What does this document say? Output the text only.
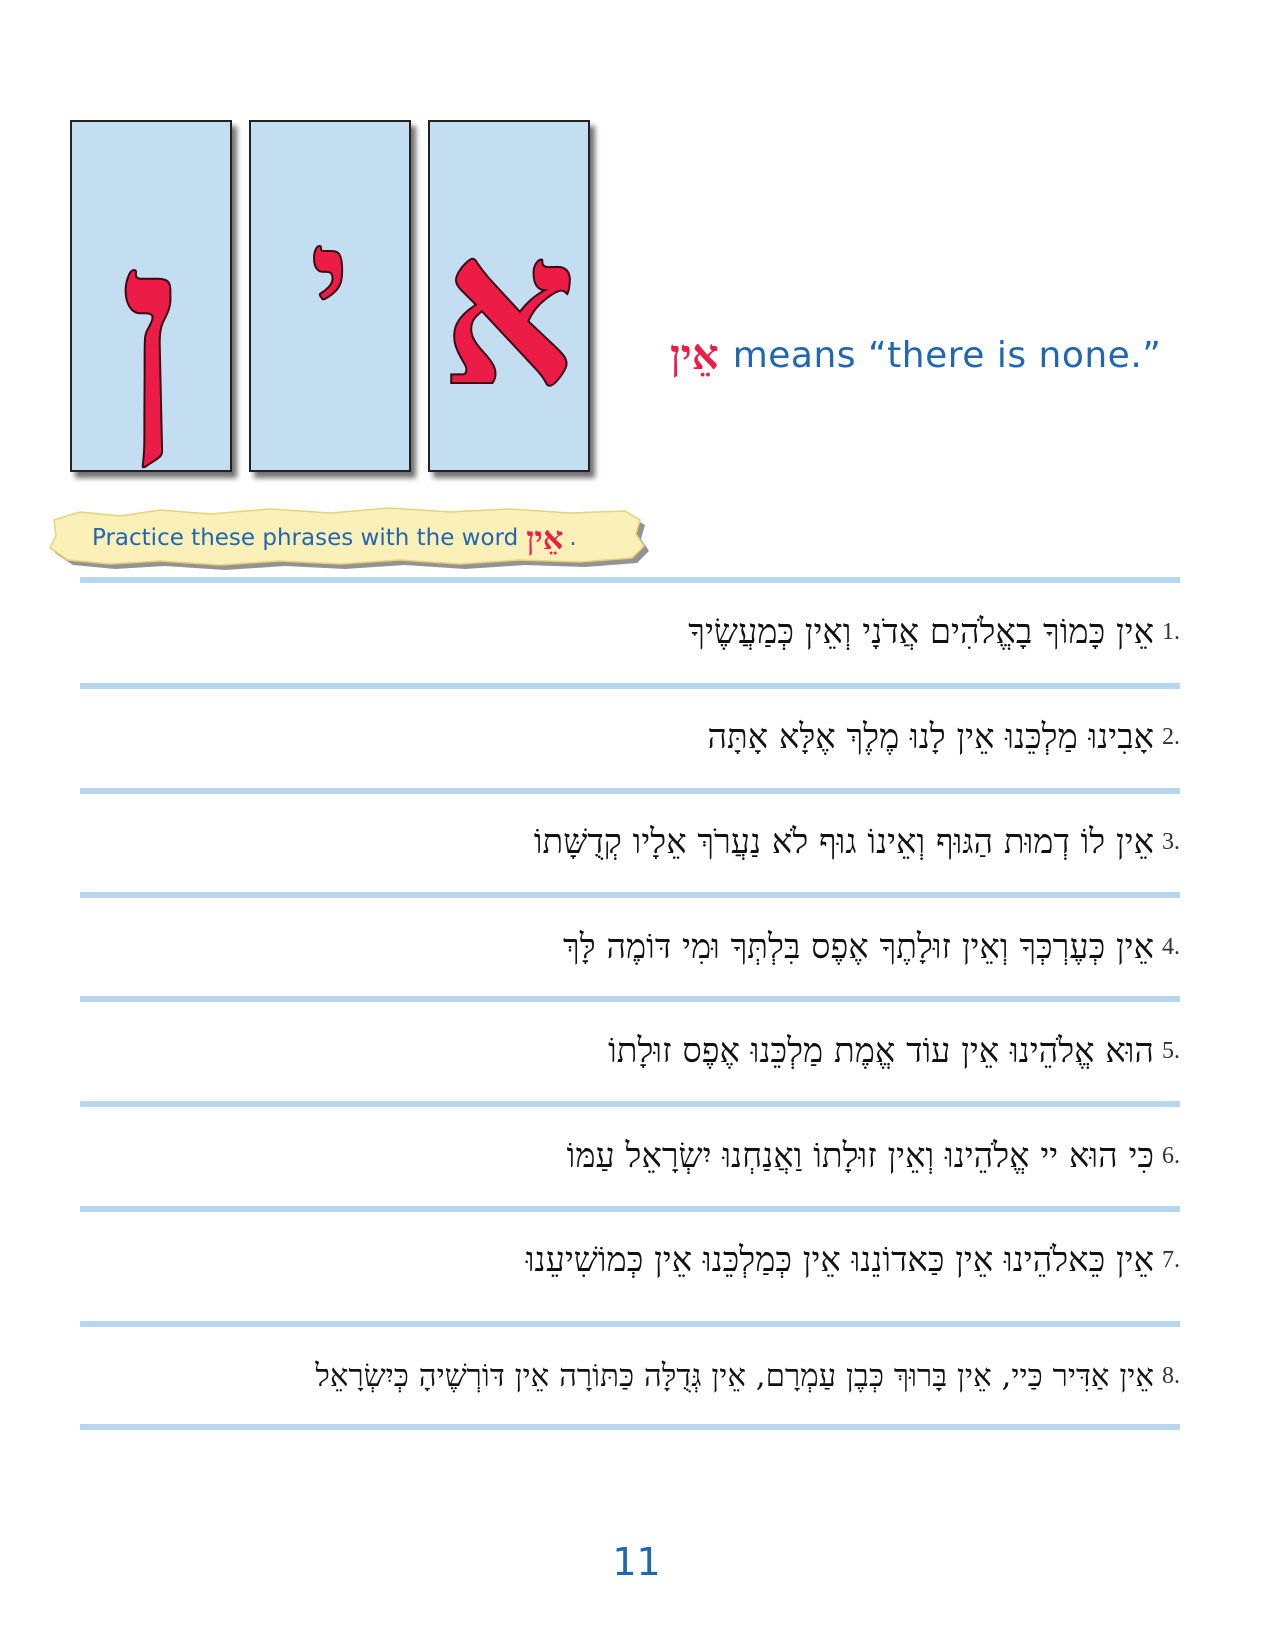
ן י א אֵין means “there is none.”
Practice these phrases with the word אֵין .
אֵין כָּמוֹךָ בָאֱלֹהִים אֲדֹנָי וְאֵין כְּמַעֲשֶׂיךָ 1.
אָבִינוּ מַלְכֵּנוּ אֵין לָנוּ מֶלֶךְ אֶלָּא אָתָּה 2.
אֵין לוֹ דְמוּת הַגּוּף וְאֵינוֹ גוּף לֹא נַעֲרֹךְ אֵלָיו קְדֻשָּׁתוֹ 3.
אֵין כְּעֶרְכְּךָ וְאֵין זוּלָתֶךָ אֶפֶס בִּלְתְּךָ וּמִי דּוֹמֶה לָּךְ 4.
הוּא אֱלֹהֵינוּ אֵין עוֹד אֱמֶת מַלְכֵּנוּ אֶפֶס זוּלָתוֹ 5.
כִּי הוּא יי אֱלֹהֵינוּ וְאֵין זוּלָתוֹ וַאֲנַחְנוּ יִשְׂרָאֵל עַמּוֹ 6.
אֵין כֵּאלֹהֵינוּ אֵין כַּאדוֹנֵנוּ אֵין כְּמַלְכֵּנוּ אֵין כְּמוֹשִׁיעֵנוּ 7.
אֵין אַדִּיר כַּיי, אֵין בָּרוּךְ כְּבֶן עַמְרָם, אֵין גְּדֻלָּה כַּתּוֹרָה אֵין דּוֹרְשֶׁיהָ כְּיִשְׂרָאֵל 8.
11
